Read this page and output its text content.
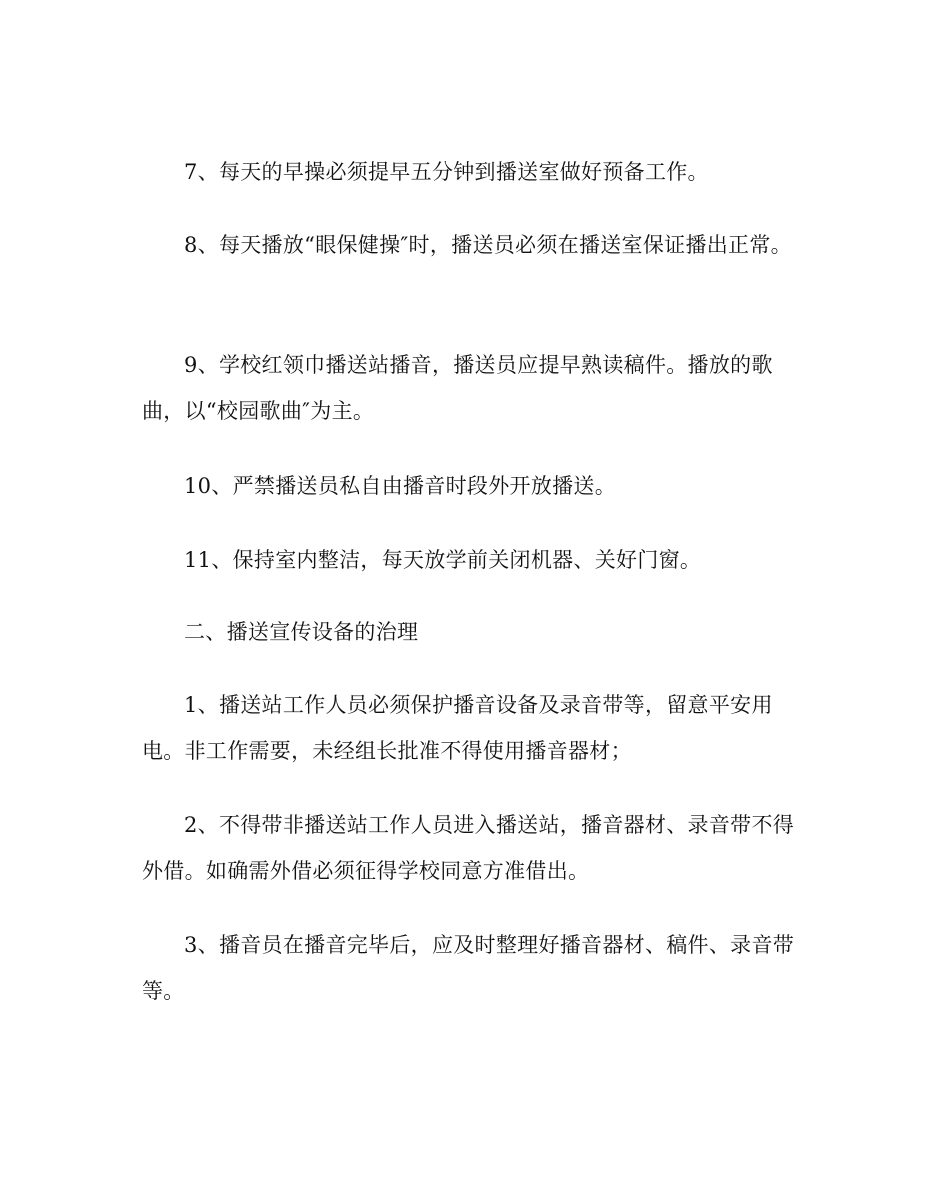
7、每天的早操必须提早五分钟到播送室做好预备工作。

8、每天播放“眼保健操″时，播送员必须在播送室保证播出正常。

9、学校红领巾播送站播音，播送员应提早熟读稿件。播放的歌曲，以“校园歌曲″为主。

10、严禁播送员私自由播音时段外开放播送。

11、保持室内整洁，每天放学前关闭机器、关好门窗。

二、播送宣传设备的治理

1、播送站工作人员必须保护播音设备及录音带等，留意平安用电。非工作需要，未经组长批准不得使用播音器材；

2、不得带非播送站工作人员进入播送站，播音器材、录音带不得外借。如确需外借必须征得学校同意方准借出。

3、播音员在播音完毕后，应及时整理好播音器材、稿件、录音带等。
